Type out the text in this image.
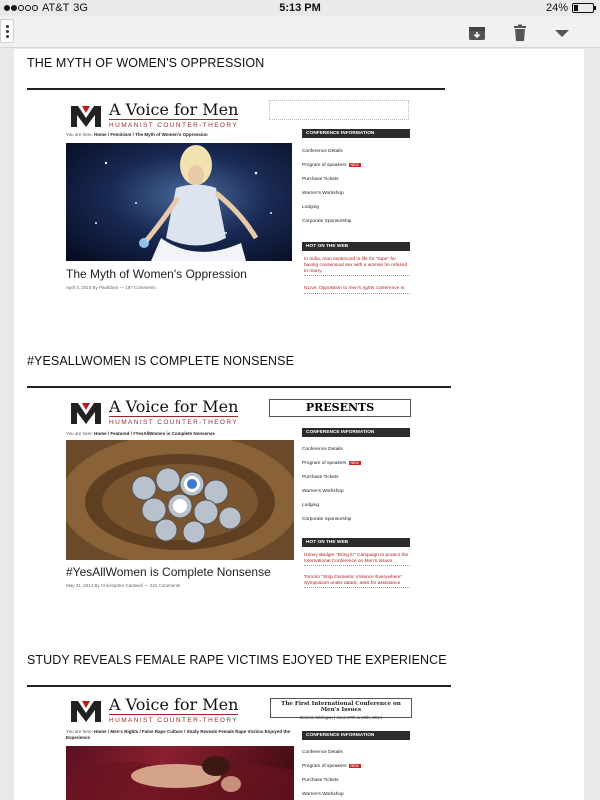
AT&T 3G	5:13 PM	24%
THE MYTH OF WOMEN'S OPPRESSION
A Voice for Men
HUMANIST COUNTER-THEORY
You are here: Home / Feminism / The Myth of Women's Oppression
The Myth of Women's Oppression
April 3, 2016 By PaulElam — 197 Comments
CONFERENCE INFORMATION
Conference Details
Program of speakers NEW
Purchase Tickets
Warren's Workshop
Lodging
Corporate Sponsorship
HOT ON THE WEB
In India, man sentenced in life for "rape" for having consensual sex with a woman he refused to marry.
NLive: Opposition to men's rights conference in
#YESALLWOMEN IS COMPLETE NONSENSE
A Voice for Men
HUMANIST COUNTER-THEORY
PRESENTS
You are here: Home / Featured / #YesAllWomen is Complete Nonsense
#YesAllWomen is Complete Nonsense
May 31, 2014 By Christopher Cantwell — 222 Comments
CONFERENCE INFORMATION
Conference Details
Program of speakers NEW
Purchase Tickets
Warren's Workshop
Lodging
Corporate Sponsorship
HOT ON THE WEB
Honey Badger "Bring it!" Campaign to protect the International Conference on Men's Issues
Toronto "Stop Domestic Violence Everywhere" Symposium under attack, asks for assistance
STUDY REVEALS FEMALE RAPE VICTIMS EJOYED THE EXPERIENCE
A Voice for Men
HUMANIST COUNTER-THEORY
The First International Conference on Men's Issues
Detroit, Michigan | June 27th & 28th, 2014
You are here: Home / Men's Rights / False Rape Culture / Study Reveals Female Rape Victims Enjoyed the Experience	CONFERENCE INFORMATION
Conference Details
Program of speakers NEW
Purchase Tickets
Warren's Workshop
